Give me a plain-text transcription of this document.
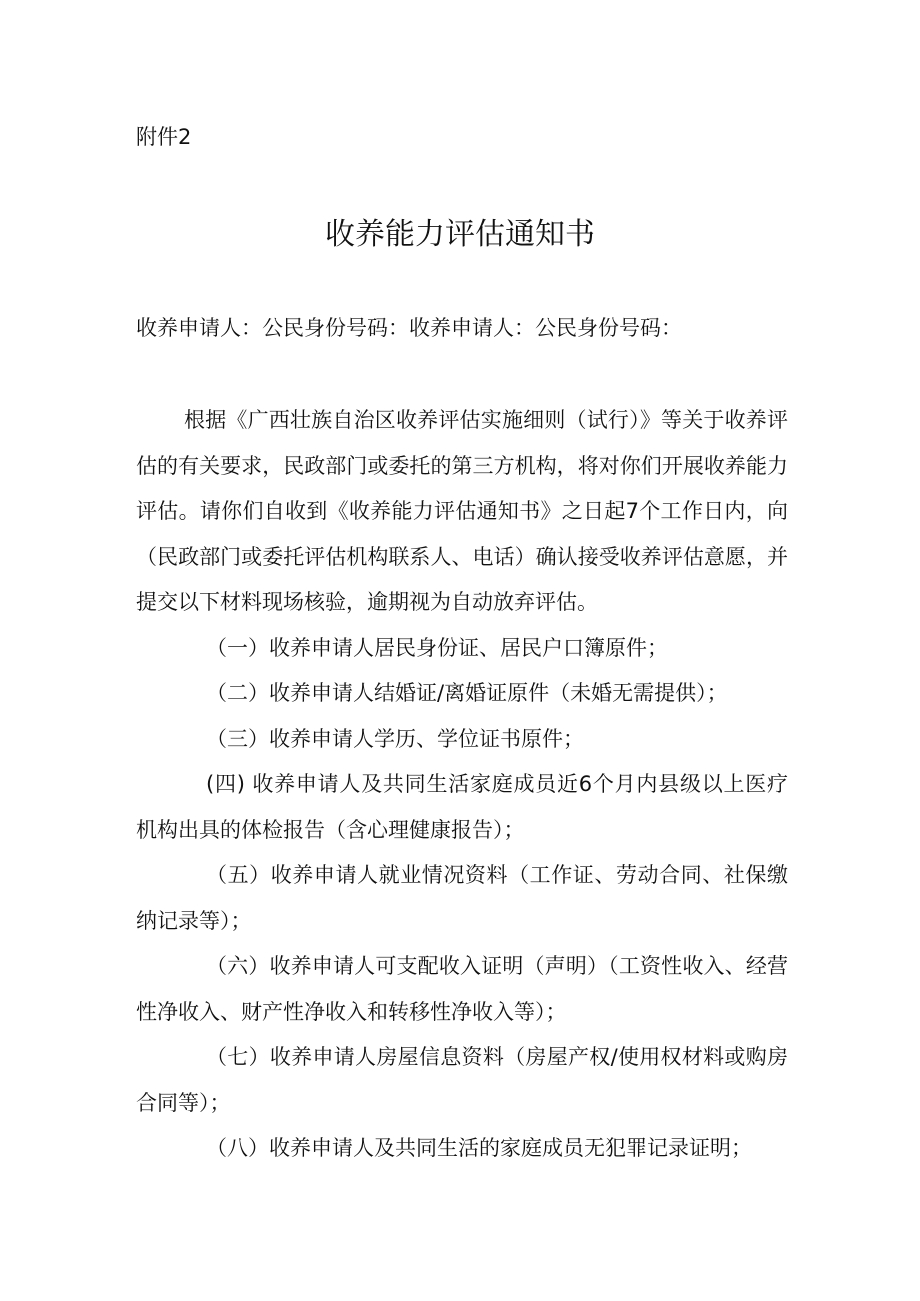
附件2

收养能力评估通知书

收养申请人：公民身份号码：收养申请人：公民身份号码：

根据《广西壮族自治区收养评估实施细则（试行）》等关于收养评估的有关要求，民政部门或委托的第三方机构，将对你们开展收养能力评估。请你们自收到《收养能力评估通知书》之日起7个工作日内，向（民政部门或委托评估机构联系人、电话）确认接受收养评估意愿，并提交以下材料现场核验，逾期视为自动放弃评估。

（一）收养申请人居民身份证、居民户口簿原件；

（二）收养申请人结婚证/离婚证原件（未婚无需提供）；

（三）收养申请人学历、学位证书原件；

(四) 收养申请人及共同生活家庭成员近6个月内县级以上医疗机构出具的体检报告（含心理健康报告）；

（五）收养申请人就业情况资料（工作证、劳动合同、社保缴纳记录等）；

（六）收养申请人可支配收入证明（声明）（工资性收入、经营性净收入、财产性净收入和转移性净收入等）；

（七）收养申请人房屋信息资料（房屋产权/使用权材料或购房合同等）；

（八）收养申请人及共同生活的家庭成员无犯罪记录证明；
